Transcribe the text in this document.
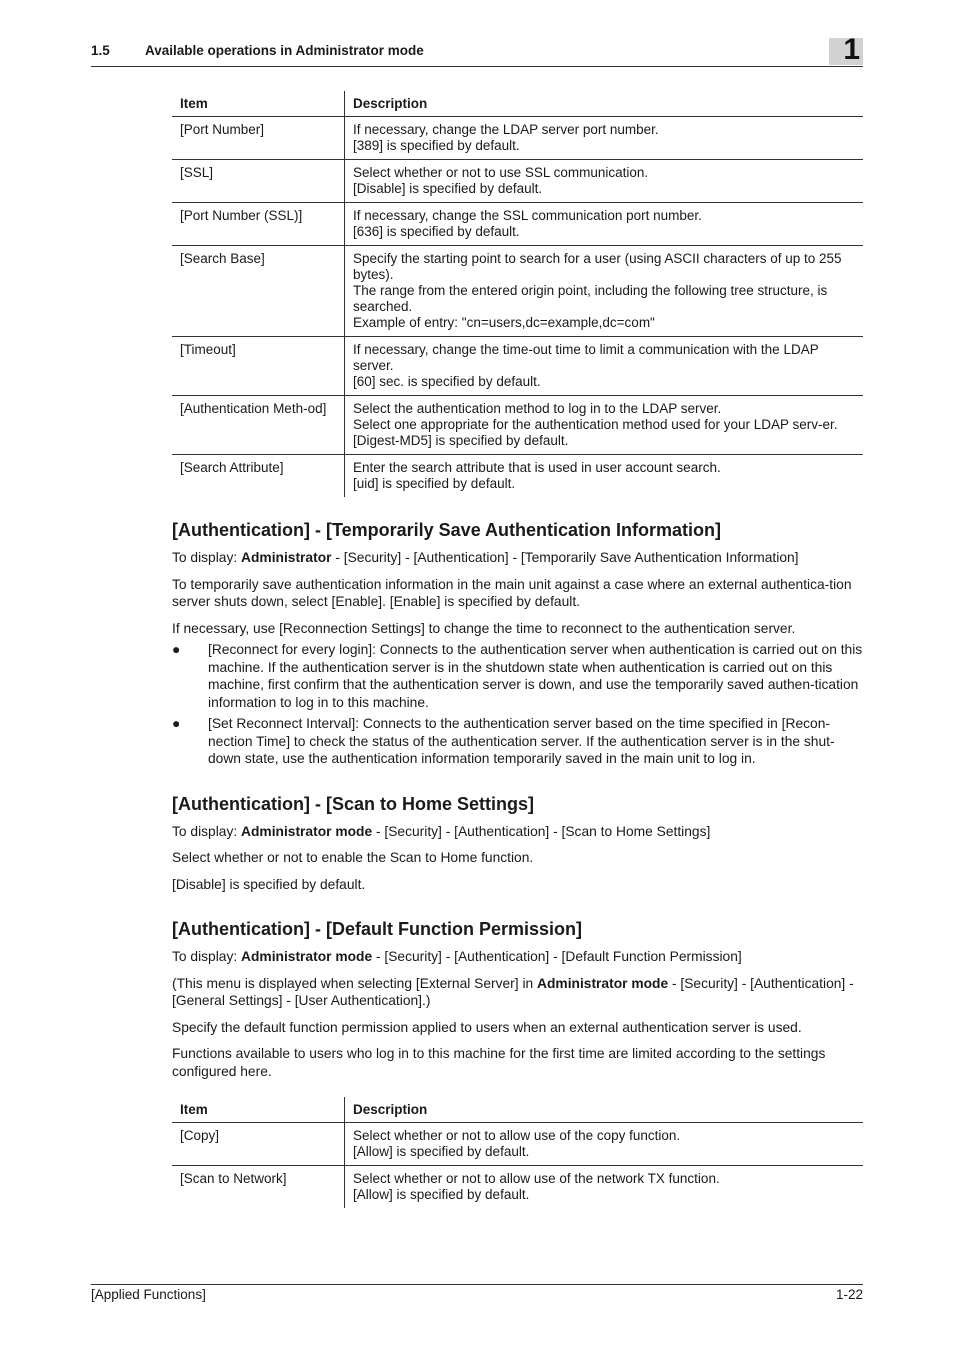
1.5	Available operations in Administrator mode	1
Item	Description
[Port Number]	If necessary, change the LDAP server port number.
[389] is specified by default.

[SSL]	Select whether or not to use SSL communication.
[Disable] is specified by default.

[Port Number (SSL)]	If necessary, change the SSL communication port number.
[636] is specified by default.

[Search Base]	Specify the starting point to search for a user (using ASCII characters of up to 255 bytes).
The range from the entered origin point, including the following tree structure, is searched.
Example of entry: "cn=users,dc=example,dc=com"

[Timeout]	If necessary, change the time-out time to limit a communication with the LDAP server.
[60] sec. is specified by default.

[Authentication Meth-od]	Select the authentication method to log in to the LDAP server.
Select one appropriate for the authentication method used for your LDAP serv-er.
[Digest-MD5] is specified by default.

[Search Attribute]	Enter the search attribute that is used in user account search.
[uid] is specified by default.
[Authentication] - [Temporarily Save Authentication Information]

To display: Administrator - [Security] - [Authentication] - [Temporarily Save Authentication Information]

To temporarily save authentication information in the main unit against a case where an external authentica-tion server shuts down, select [Enable]. [Enable] is specified by default.

If necessary, use [Reconnection Settings] to change the time to reconnect to the authentication server.

● [Reconnect for every login]: Connects to the authentication server when authentication is carried out on this machine. If the authentication server is in the shutdown state when authentication is carried out on this machine, first confirm that the authentication server is down, and use the temporarily saved authen-tication information to log in to this machine.
● [Set Reconnect Interval]: Connects to the authentication server based on the time specified in [Recon-nection Time] to check the status of the authentication server. If the authentication server is in the shut-down state, use the authentication information temporarily saved in the main unit to log in.
[Authentication] - [Scan to Home Settings]

To display: Administrator mode - [Security] - [Authentication] - [Scan to Home Settings]

Select whether or not to enable the Scan to Home function.

[Disable] is specified by default.

[Authentication] - [Default Function Permission]

To display: Administrator mode - [Security] - [Authentication] - [Default Function Permission]

(This menu is displayed when selecting [External Server] in Administrator mode - [Security] - [Authentication] - [General Settings] - [User Authentication].)

Specify the default function permission applied to users when an external authentication server is used.

Functions available to users who log in to this machine for the first time are limited according to the settings configured here.

Item	Description
[Copy]	Select whether or not to allow use of the copy function.
[Allow] is specified by default.

[Scan to Network]	Select whether or not to allow use of the network TX function.
[Allow] is specified by default.
[Applied Functions]	1-22
